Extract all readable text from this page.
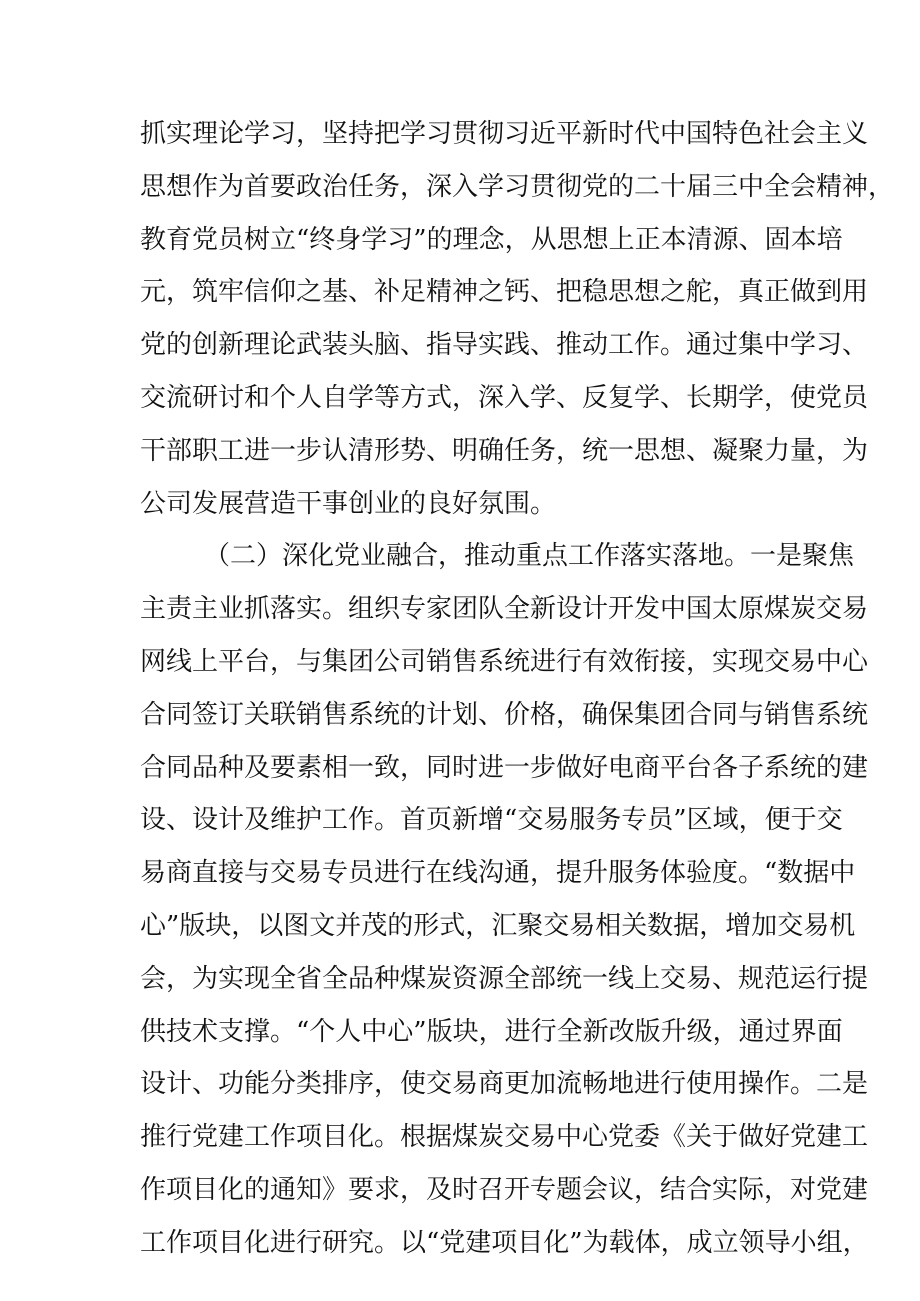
抓实理论学习，坚持把学习贯彻习近平新时代中国特色社会主义
思想作为首要政治任务，深入学习贯彻党的二十届三中全会精神，
教育党员树立“终身学习”的理念，从思想上正本清源、固本培
元，筑牢信仰之基、补足精神之钙、把稳思想之舵，真正做到用
党的创新理论武装头脑、指导实践、推动工作。通过集中学习、
交流研讨和个人自学等方式，深入学、反复学、长期学，使党员
干部职工进一步认清形势、明确任务，统一思想、凝聚力量，为
公司发展营造干事创业的良好氛围。
（二）深化党业融合，推动重点工作落实落地。一是聚焦
主责主业抓落实。组织专家团队全新设计开发中国太原煤炭交易
网线上平台，与集团公司销售系统进行有效衔接，实现交易中心
合同签订关联销售系统的计划、价格，确保集团合同与销售系统
合同品种及要素相一致，同时进一步做好电商平台各子系统的建
设、设计及维护工作。首页新增“交易服务专员”区域，便于交
易商直接与交易专员进行在线沟通，提升服务体验度。“数据中
心”版块，以图文并茂的形式，汇聚交易相关数据，增加交易机
会，为实现全省全品种煤炭资源全部统一线上交易、规范运行提
供技术支撑。“个人中心”版块，进行全新改版升级，通过界面
设计、功能分类排序，使交易商更加流畅地进行使用操作。二是
推行党建工作项目化。根据煤炭交易中心党委《关于做好党建工
作项目化的通知》要求，及时召开专题会议，结合实际，对党建
工作项目化进行研究。以“党建项目化”为载体，成立领导小组，
